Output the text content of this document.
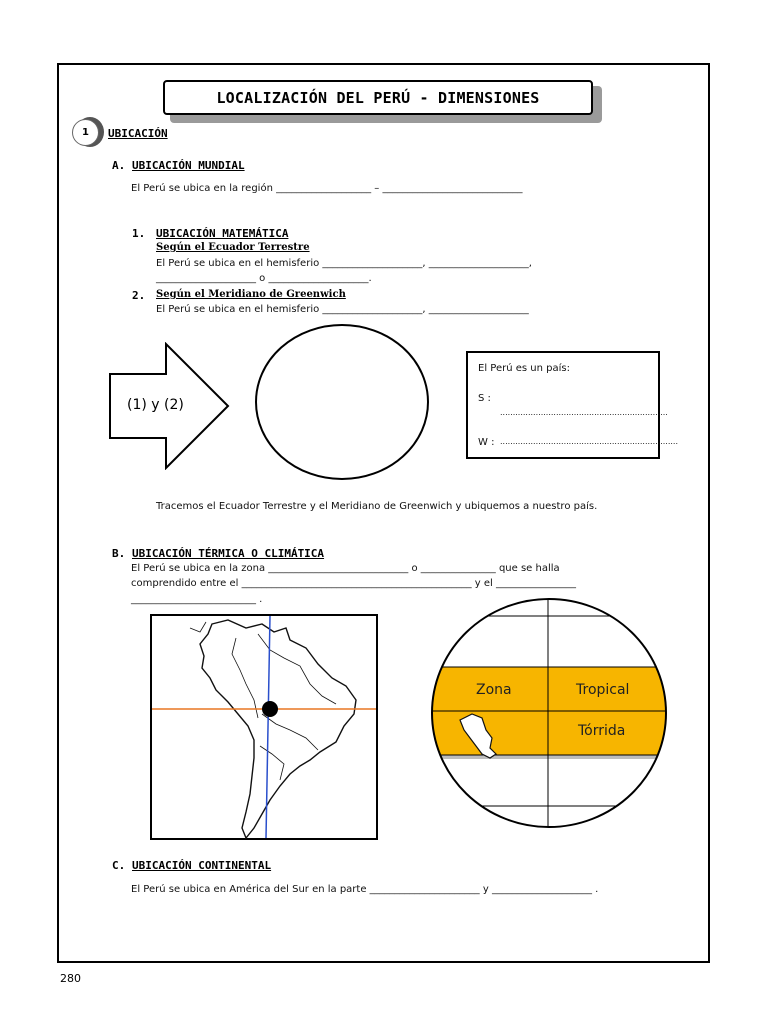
LOCALIZACIÓN DEL PERÚ - DIMENSIONES
1	UBICACIÓN
A. UBICACIÓN MUNDIAL
El Perú se ubica en la región ___________________ – ____________________________
1. UBICACIÓN MATEMÁTICA
Según el Ecuador Terrestre
El Perú se ubica en el hemisferio ____________________, ____________________,
____________________ o ____________________.
2. Según el Meridiano de Greenwich
El Perú se ubica en el hemisferio ____________________, ____________________
(1) y (2)
El Perú es un país:
S :
..................................................................
W : ......................................................................
Tracemos el Ecuador Terrestre y el Meridiano de Greenwich y ubiquemos a nuestro país.
B. UBICACIÓN TÉRMICA O CLIMÁTICA
El Perú se ubica en la zona ____________________________ o _______________ que se halla
comprendido entre el ______________________________________________ y el ________________
_________________________ .
Zona	Tropical
Tórrida
C. UBICACIÓN CONTINENTAL
El Perú se ubica en América del Sur en la parte ______________________ y ____________________ .
280
